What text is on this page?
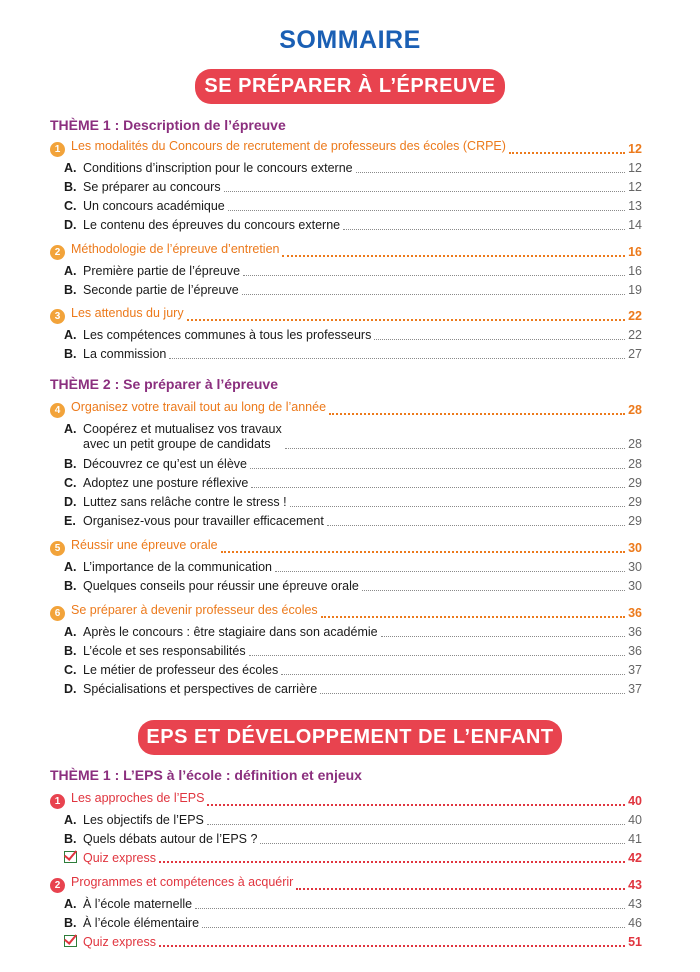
SOMMAIRE
SE PRÉPARER À L’ÉPREUVE
THÈME 1 : Description de l’épreuve
1 Les modalités du Concours de recrutement de professeurs des écoles (CRPE)	12
A. Conditions d’inscription pour le concours externe	12
B. Se préparer au concours	12
C. Un concours académique	13
D. Le contenu des épreuves du concours externe	14
2 Méthodologie de l’épreuve d’entretien	16
A. Première partie de l’épreuve	16
B. Seconde partie de l’épreuve	19
3 Les attendus du jury	22
A. Les compétences communes à tous les professeurs	22
B. La commission	27
THÈME 2 : Se préparer à l’épreuve
4 Organisez votre travail tout au long de l’année	28
A. Coopérez et mutualisez vos travaux
avec un petit groupe de candidats	28
B. Découvrez ce qu’est un élève	28
C. Adoptez une posture réflexive	29
D. Luttez sans relâche contre le stress !	29
E. Organisez-vous pour travailler efficacement	29
5 Réussir une épreuve orale	30
A. L’importance de la communication	30
B. Quelques conseils pour réussir une épreuve orale	30
6 Se préparer à devenir professeur des écoles	36
A. Après le concours : être stagiaire dans son académie	36
B. L’école et ses responsabilités	36
C. Le métier de professeur des écoles	37
D. Spécialisations et perspectives de carrière	37
EPS ET DÉVELOPPEMENT DE L’ENFANT
THÈME 1 : L’EPS à l’école : définition et enjeux
1 Les approches de l’EPS	40
A. Les objectifs de l’EPS	40
B. Quels débats autour de l’EPS ?	41
Quiz express	42
2 Programmes et compétences à acquérir	43
A. À l’école maternelle	43
B. À l’école élémentaire	46
Quiz express	51
